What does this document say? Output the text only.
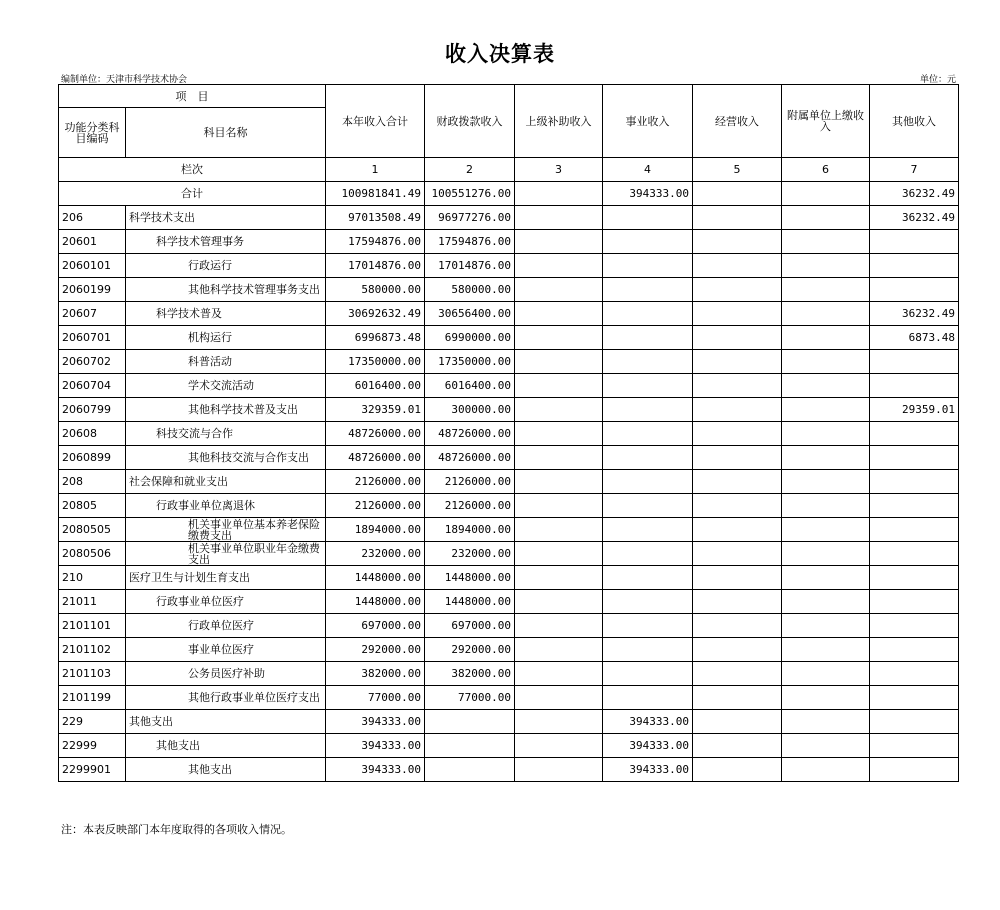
收入决算表
编制单位：天津市科学技术协会	单位：元
项　目		本年收入合计	财政拨款收入	上级补助收入	事业收入	经营收入	附属单位上缴收入	其他收入
功能分类科目编码	科目名称							
栏次		1	2	3	4	5	6	7
合计		100981841.49	100551276.00		394333.00			36232.49
206	科学技术支出	97013508.49	96977276.00					36232.49
20601	科学技术管理事务	17594876.00	17594876.00					
2060101	行政运行	17014876.00	17014876.00					
2060199	其他科学技术管理事务支出	580000.00	580000.00					
20607	科学技术普及	30692632.49	30656400.00					36232.49
2060701	机构运行	6996873.48	6990000.00					6873.48
2060702	科普活动	17350000.00	17350000.00					
2060704	学术交流活动	6016400.00	6016400.00					
2060799	其他科学技术普及支出	329359.01	300000.00					29359.01
20608	科技交流与合作	48726000.00	48726000.00					
2060899	其他科技交流与合作支出	48726000.00	48726000.00					
208	社会保障和就业支出	2126000.00	2126000.00					
20805	行政事业单位离退休	2126000.00	2126000.00					
2080505	机关事业单位基本养老保险缴费支出	1894000.00	1894000.00					
2080506	机关事业单位职业年金缴费支出	232000.00	232000.00					
210	医疗卫生与计划生育支出	1448000.00	1448000.00					
21011	行政事业单位医疗	1448000.00	1448000.00					
2101101	行政单位医疗	697000.00	697000.00					
2101102	事业单位医疗	292000.00	292000.00					
2101103	公务员医疗补助	382000.00	382000.00					
2101199	其他行政事业单位医疗支出	77000.00	77000.00					
229	其他支出	394333.00			394333.00			
22999	其他支出	394333.00			394333.00			
2299901	其他支出	394333.00			394333.00			
注：本表反映部门本年度取得的各项收入情况。
